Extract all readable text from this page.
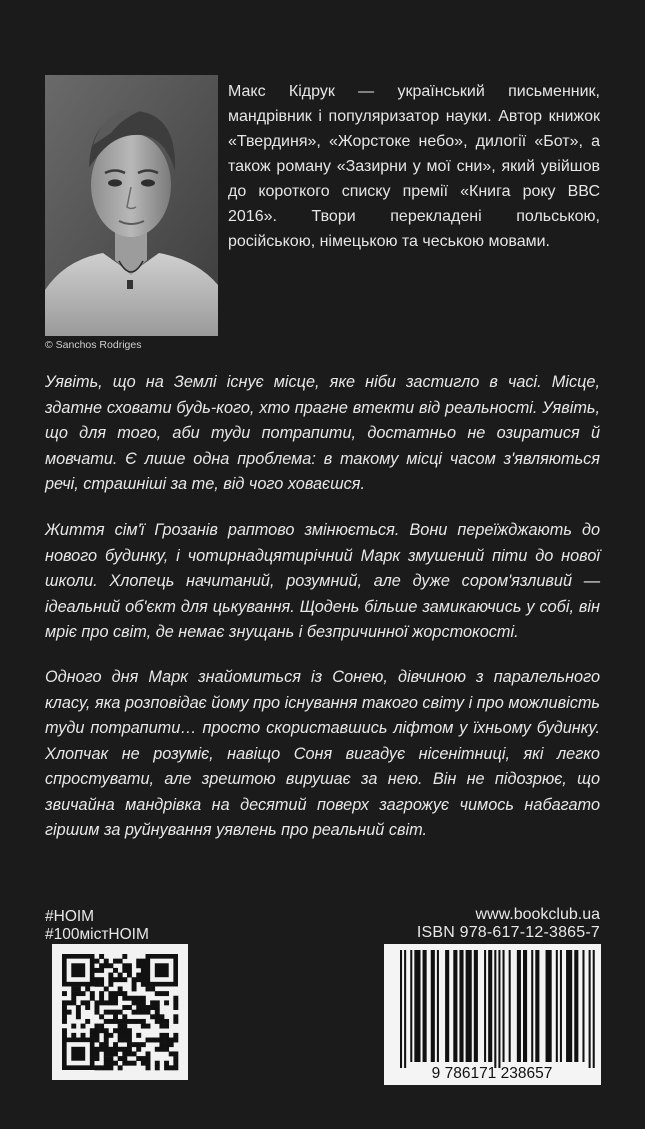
© Sanchos Rodriges

Макс Кідрук — український письменник, мандрівник і популяризатор науки. Автор книжок «Твердиня», «Жорстоке небо», дилогії «Бот», а також роману «Зазирни у мої сни», який увійшов до короткого списку премії «Книга року ВВС 2016». Твори перекладені польською, російською, німецькою та чеською мовами.

Уявіть, що на Землі існує місце, яке ніби застигло в часі. Місце, здатне сховати будь-кого, хто прагне втекти від реальності. Уявіть, що для того, аби туди потрапити, достатньо не озиратися й мовчати. Є лише одна проблема: в такому місці часом з'являються речі, страшніші за те, від чого ховаєшся.

Життя сім'ї Грозанів раптово змінюється. Вони переїжджають до нового будинку, і чотирнадцятирічний Марк змушений піти до нової школи. Хлопець начитаний, розумний, але дуже сором'язливий — ідеальний об'єкт для цькування. Щодень більше замикаючись у собі, він мріє про світ, де немає знущань і безпричинної жорстокості.

Одного дня Марк знайомиться із Сонею, дівчиною з паралельного класу, яка розповідає йому про існування такого світу і про можливість туди потрапити… просто скориставшись ліфтом у їхньому будинку. Хлопчак не розуміє, навіщо Соня вигадує нісенітниці, які легко спростувати, але зрештою вирушає за нею. Він не підозрює, що звичайна мандрівка на десятий поверх загрожує чимось набагато гіршим за руйнування уявлень про реальний світ.

#НОІМ
#100містНОІМ
www.bookclub.ua
ISBN 978-617-12-3865-7
9 786171 238657
